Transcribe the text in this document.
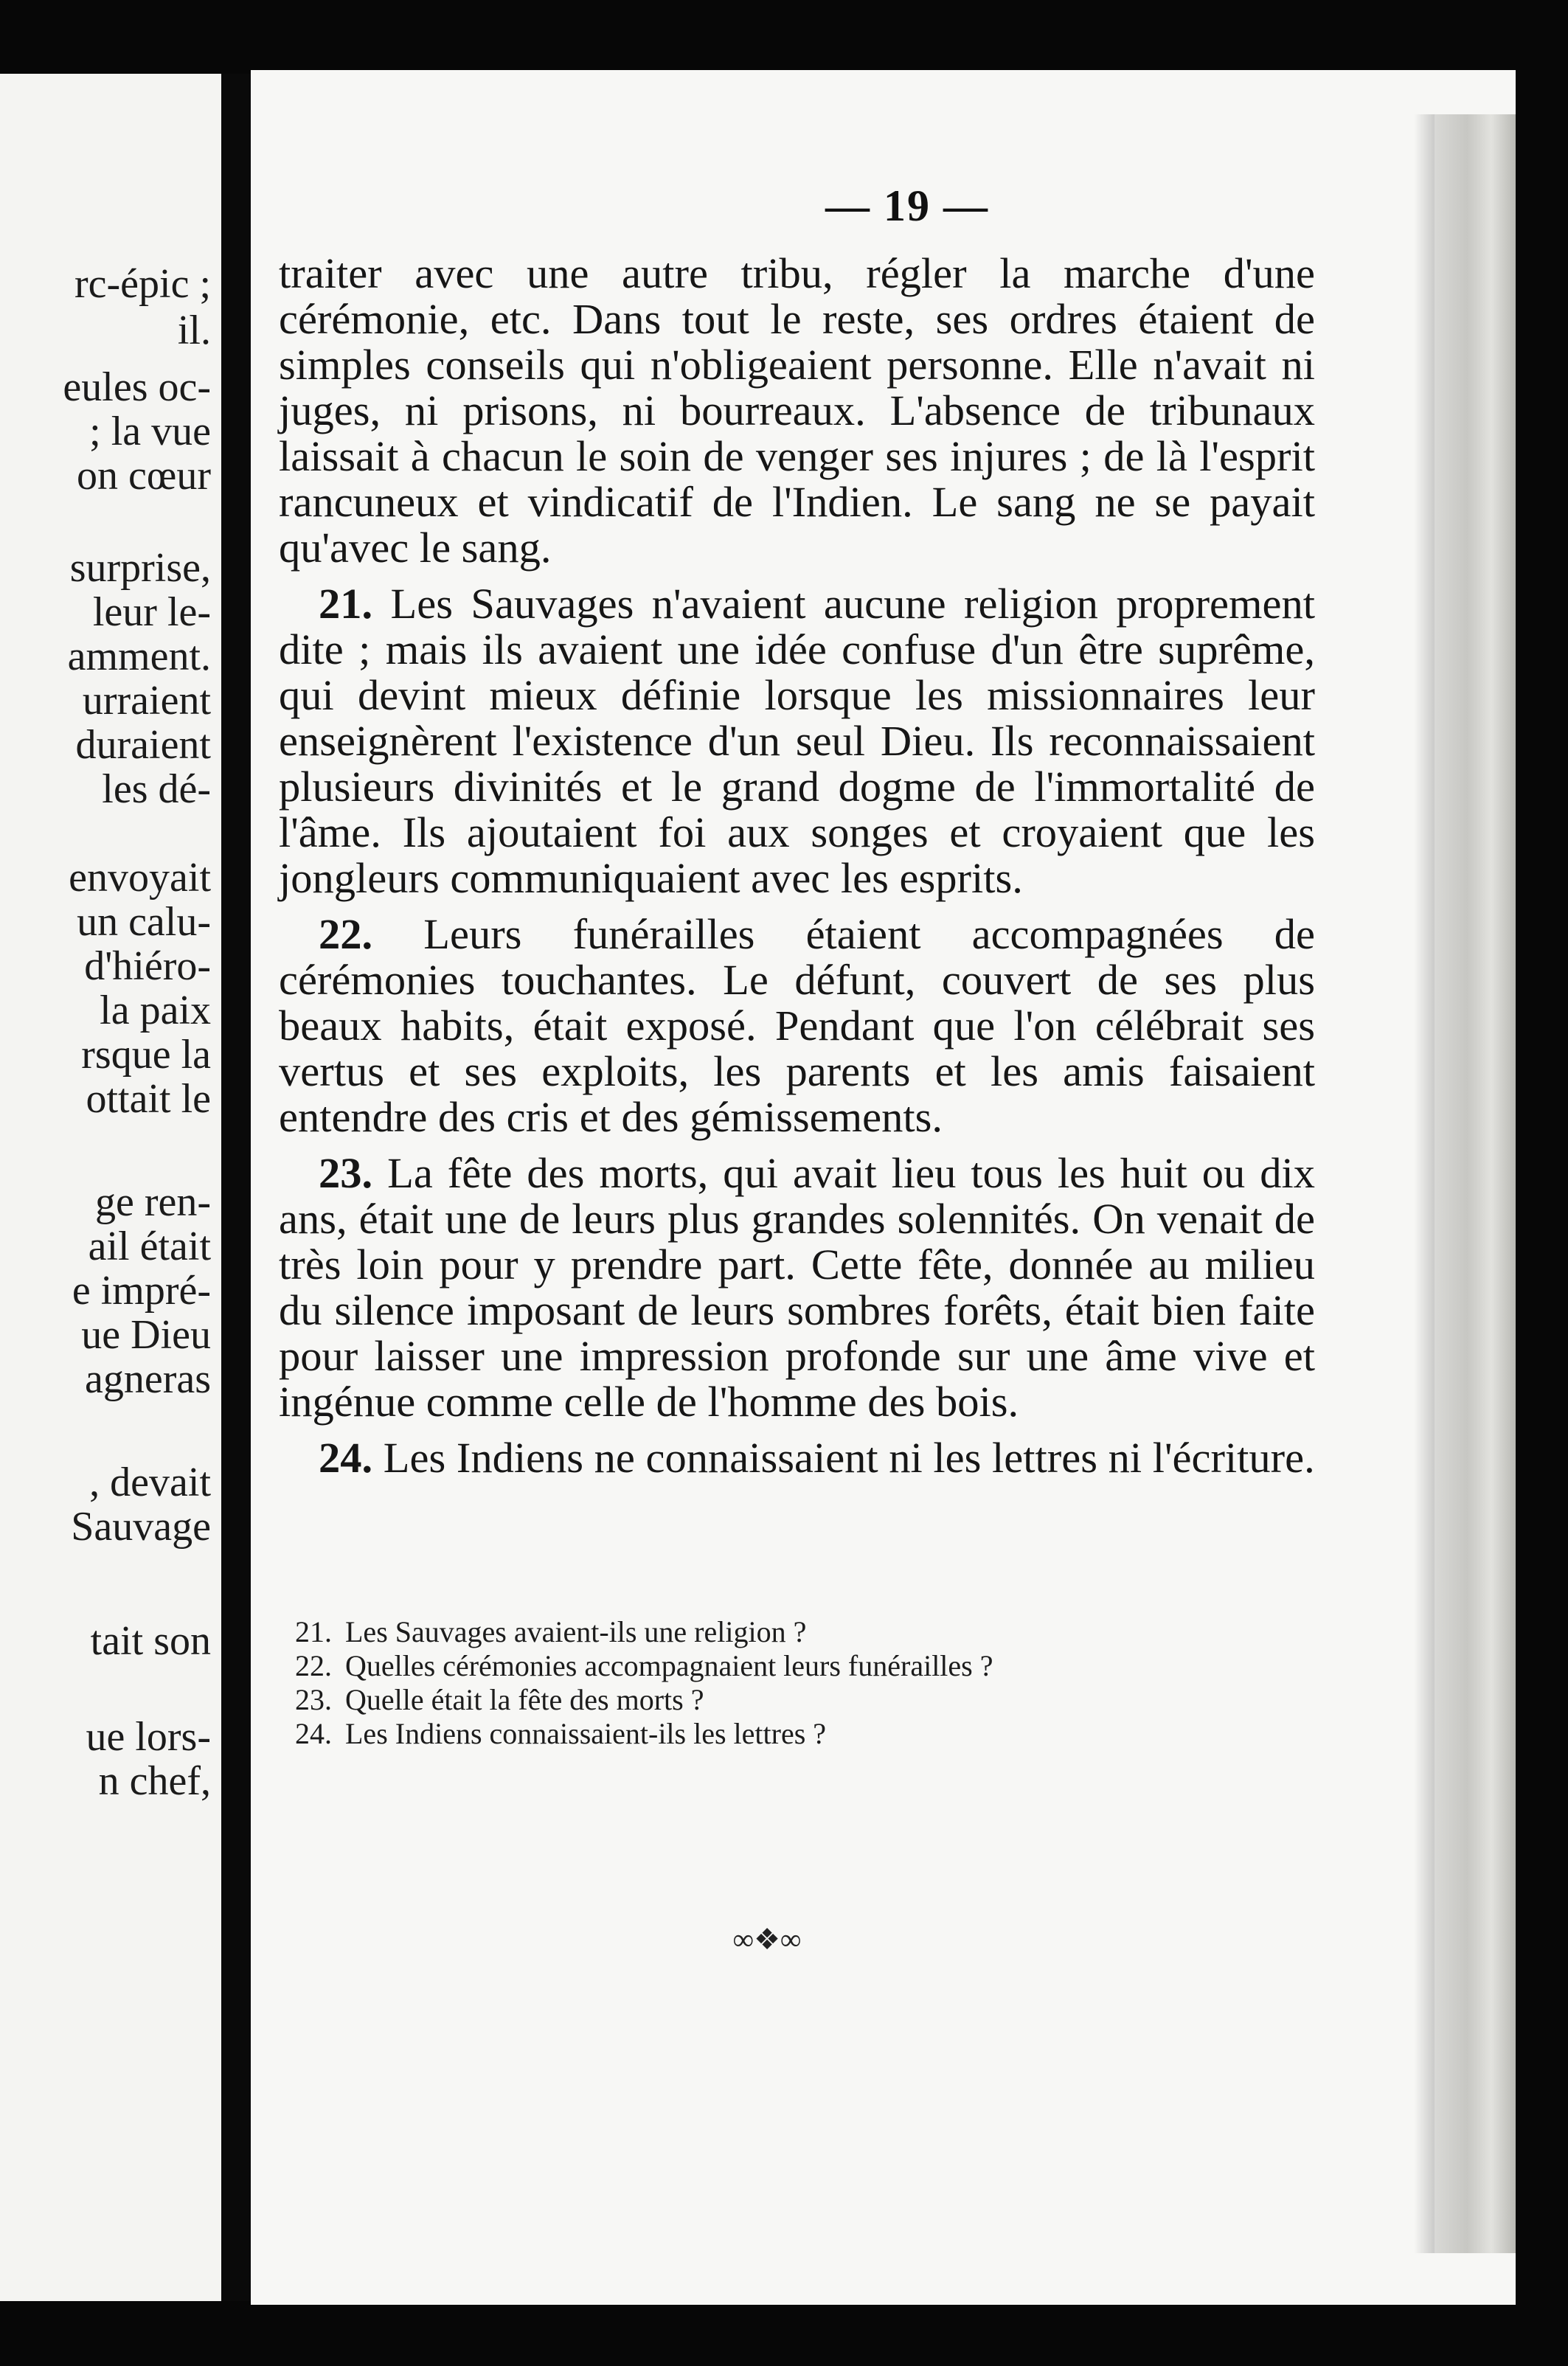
rc-épic ;
il.
eules oc-
; la vue
on cœur
surprise,
leur le-
amment.
urraient
duraient
les dé-
envoyait
un calu-
d'hiéro-
la paix
rsque la
ottait le
ge ren-
ail était
e impré-
ue Dieu
agneras
, devait
Sauvage
tait son
ue lors-
n chef,
— 19 —

traiter avec une autre tribu, régler la marche d'une cérémonie, etc. Dans tout le reste, ses ordres étaient de simples conseils qui n'obligeaient personne. Elle n'avait ni juges, ni prisons, ni bourreaux. L'absence de tribunaux laissait à chacun le soin de venger ses injures ; de là l'esprit rancuneux et vindicatif de l'Indien. Le sang ne se payait qu'avec le sang.

21. Les Sauvages n'avaient aucune religion proprement dite ; mais ils avaient une idée confuse d'un être suprême, qui devint mieux définie lorsque les missionnaires leur enseignèrent l'existence d'un seul Dieu. Ils reconnaissaient plusieurs divinités et le grand dogme de l'immortalité de l'âme. Ils ajoutaient foi aux songes et croyaient que les jongleurs communiquaient avec les esprits.

22. Leurs funérailles étaient accompagnées de cérémonies touchantes. Le défunt, couvert de ses plus beaux habits, était exposé. Pendant que l'on célébrait ses vertus et ses exploits, les parents et les amis faisaient entendre des cris et des gémissements.

23. La fête des morts, qui avait lieu tous les huit ou dix ans, était une de leurs plus grandes solennités. On venait de très loin pour y prendre part. Cette fête, donnée au milieu du silence imposant de leurs sombres forêts, était bien faite pour laisser une impression profonde sur une âme vive et ingénue comme celle de l'homme des bois.

24. Les Indiens ne connaissaient ni les lettres ni l'écriture.

21. Les Sauvages avaient-ils une religion ?
22. Quelles cérémonies accompagnaient leurs funérailles ?
23. Quelle était la fête des morts ?
24. Les Indiens connaissaient-ils les lettres ?
∞❖∞
